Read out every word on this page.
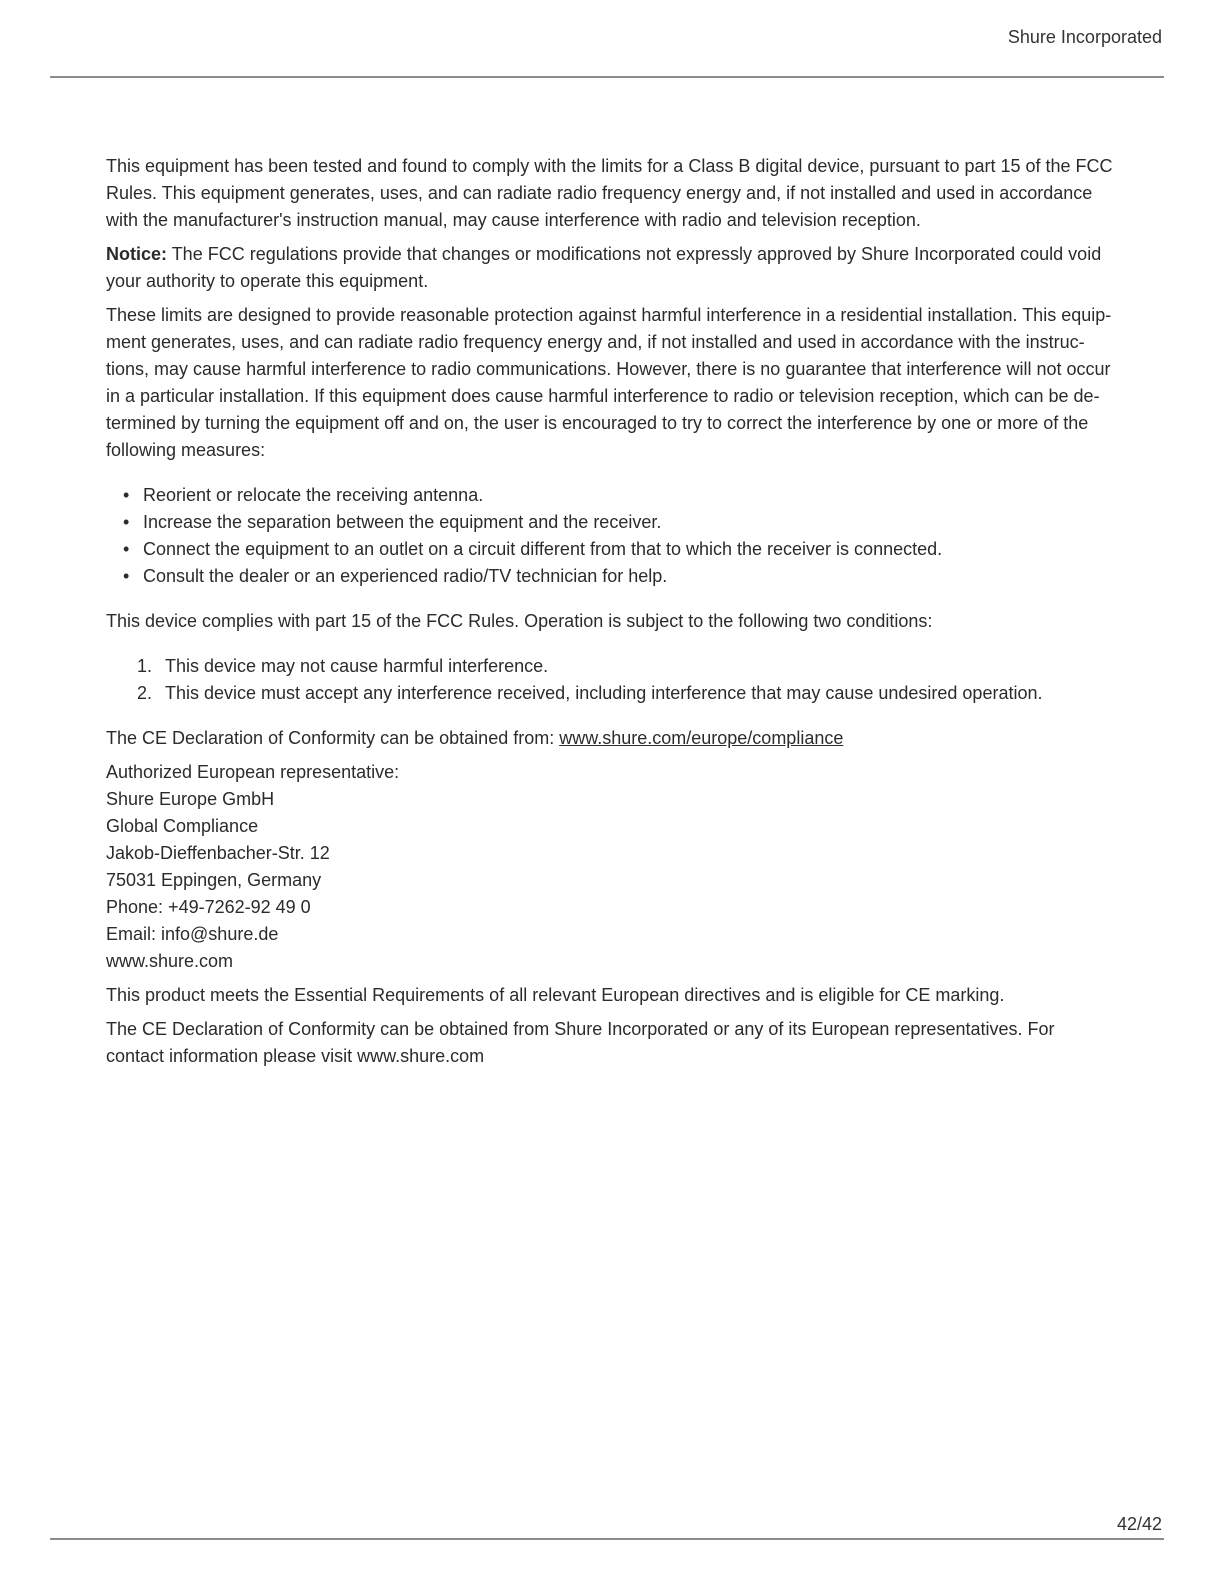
Shure Incorporated

This equipment has been tested and found to comply with the limits for a Class B digital device, pursuant to part 15 of the FCC Rules. This equipment generates, uses, and can radiate radio frequency energy and, if not installed and used in accordance with the manufacturer's instruction manual, may cause interference with radio and television reception.

Notice: The FCC regulations provide that changes or modifications not expressly approved by Shure Incorporated could void your authority to operate this equipment.

These limits are designed to provide reasonable protection against harmful interference in a residential installation. This equipment generates, uses, and can radiate radio frequency energy and, if not installed and used in accordance with the instructions, may cause harmful interference to radio communications. However, there is no guarantee that interference will not occur in a particular installation. If this equipment does cause harmful interference to radio or television reception, which can be determined by turning the equipment off and on, the user is encouraged to try to correct the interference by one or more of the following measures:

• Reorient or relocate the receiving antenna.
• Increase the separation between the equipment and the receiver.
• Connect the equipment to an outlet on a circuit different from that to which the receiver is connected.
• Consult the dealer or an experienced radio/TV technician for help.

This device complies with part 15 of the FCC Rules. Operation is subject to the following two conditions:

1. This device may not cause harmful interference.
2. This device must accept any interference received, including interference that may cause undesired operation.

The CE Declaration of Conformity can be obtained from: www.shure.com/europe/compliance

Authorized European representative:
Shure Europe GmbH
Global Compliance
Jakob-Dieffenbacher-Str. 12
75031 Eppingen, Germany
Phone: +49-7262-92 49 0
Email: info@shure.de
www.shure.com

This product meets the Essential Requirements of all relevant European directives and is eligible for CE marking.

The CE Declaration of Conformity can be obtained from Shure Incorporated or any of its European representatives. For contact information please visit www.shure.com

42/42
